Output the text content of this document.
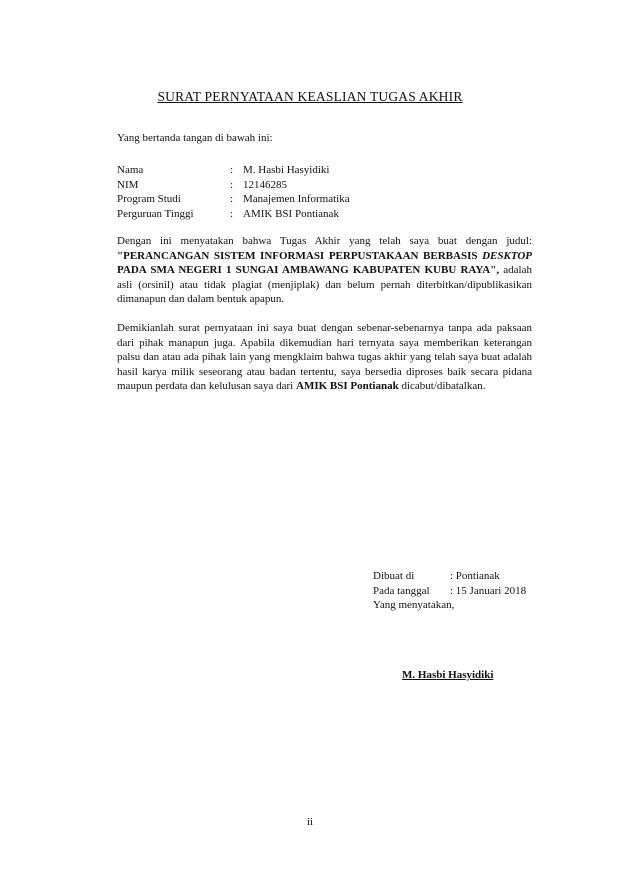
SURAT PERNYATAAN KEASLIAN TUGAS AKHIR
Yang bertanda tangan di bawah ini:
Nama	: M. Hasbi Hasyidiki
NIM	: 12146285
Program Studi	: Manajemen Informatika
Perguruan Tinggi	: AMIK BSI Pontianak

Dengan ini menyatakan bahwa Tugas Akhir yang telah saya buat dengan judul: "PERANCANGAN SISTEM INFORMASI PERPUSTAKAAN BERBASIS DESKTOP PADA SMA NEGERI 1 SUNGAI AMBAWANG KABUPATEN KUBU RAYA", adalah asli (orsinil) atau tidak plagiat (menjiplak) dan belum pernah diterbitkan/dipublikasikan dimanapun dan dalam bentuk apapun.

Demikianlah surat pernyataan ini saya buat dengan sebenar-sebenarnya tanpa ada paksaan dari pihak manapun juga. Apabila dikemudian hari ternyata saya memberikan keterangan palsu dan atau ada pihak lain yang mengklaim bahwa tugas akhir yang telah saya buat adalah hasil karya milik seseorang atau badan tertentu, saya bersedia diproses baik secara pidana maupun perdata dan kelulusan saya dari AMIK BSI Pontianak dicabut/dibatalkan.

Dibuat di	: Pontianak
Pada tanggal	: 15 Januari 2018
Yang menyatakan,
M. Hasbi Hasyidiki
ii
